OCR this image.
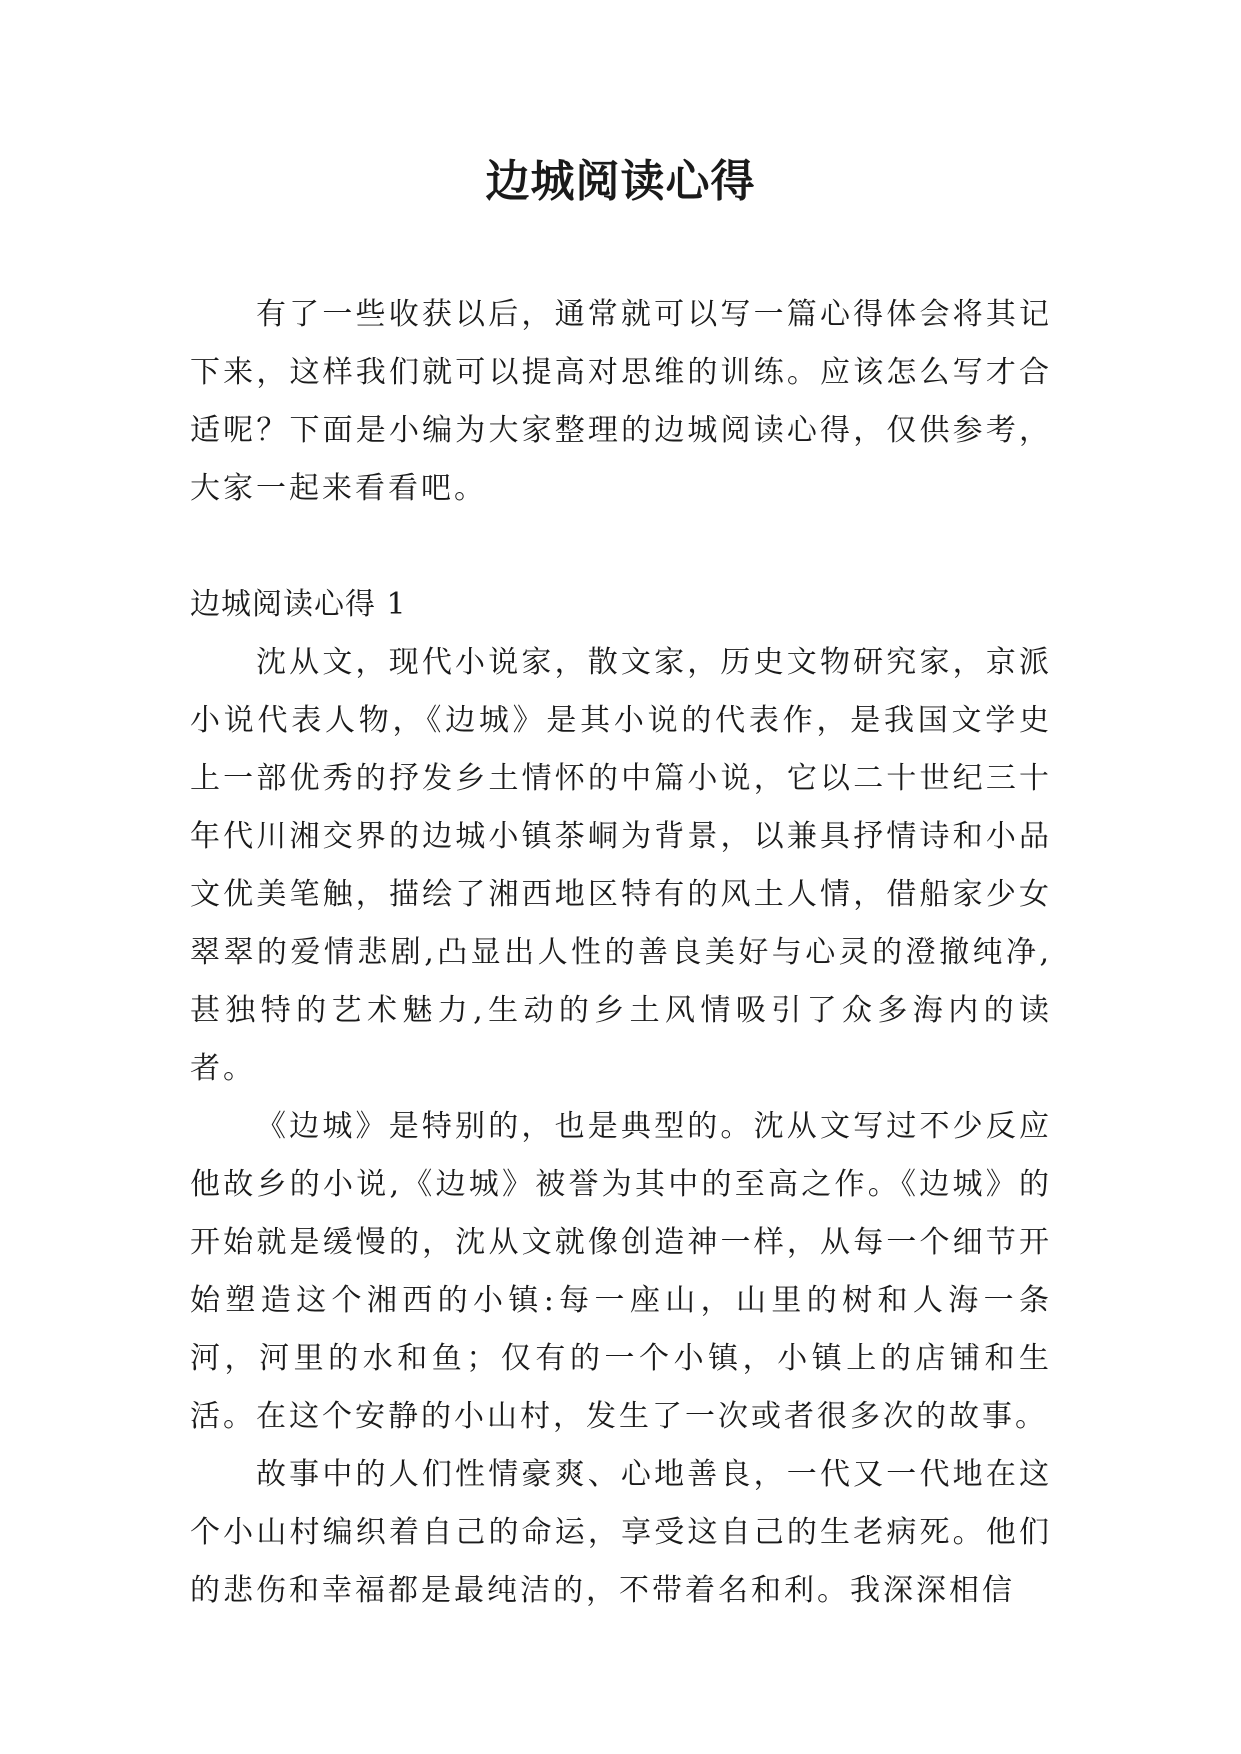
边城阅读心得

有了一些收获以后，通常就可以写一篇心得体会将其记下来，这样我们就可以提高对思维的训练。应该怎么写才合适呢？下面是小编为大家整理的边城阅读心得，仅供参考，大家一起来看看吧。

边城阅读心得 1

沈从文，现代小说家，散文家，历史文物研究家，京派小说代表人物，《边城》是其小说的代表作，是我国文学史上一部优秀的抒发乡土情怀的中篇小说，它以二十世纪三十年代川湘交界的边城小镇茶峒为背景，以兼具抒情诗和小品文优美笔触，描绘了湘西地区特有的风土人情，借船家少女翠翠的爱情悲剧,凸显出人性的善良美好与心灵的澄撤纯净,甚独特的艺术魅力,生动的乡土风情吸引了众多海内的读者。

《边城》是特别的，也是典型的。沈从文写过不少反应他故乡的小说,《边城》被誉为其中的至高之作。《边城》的开始就是缓慢的，沈从文就像创造神一样，从每一个细节开始塑造这个湘西的小镇:每一座山，山里的树和人海一条河，河里的水和鱼；仅有的一个小镇，小镇上的店铺和生活。在这个安静的小山村，发生了一次或者很多次的故事。

故事中的人们性情豪爽、心地善良，一代又一代地在这个小山村编织着自己的命运，享受这自己的生老病死。他们的悲伤和幸福都是最纯洁的，不带着名和利。我深深相信
